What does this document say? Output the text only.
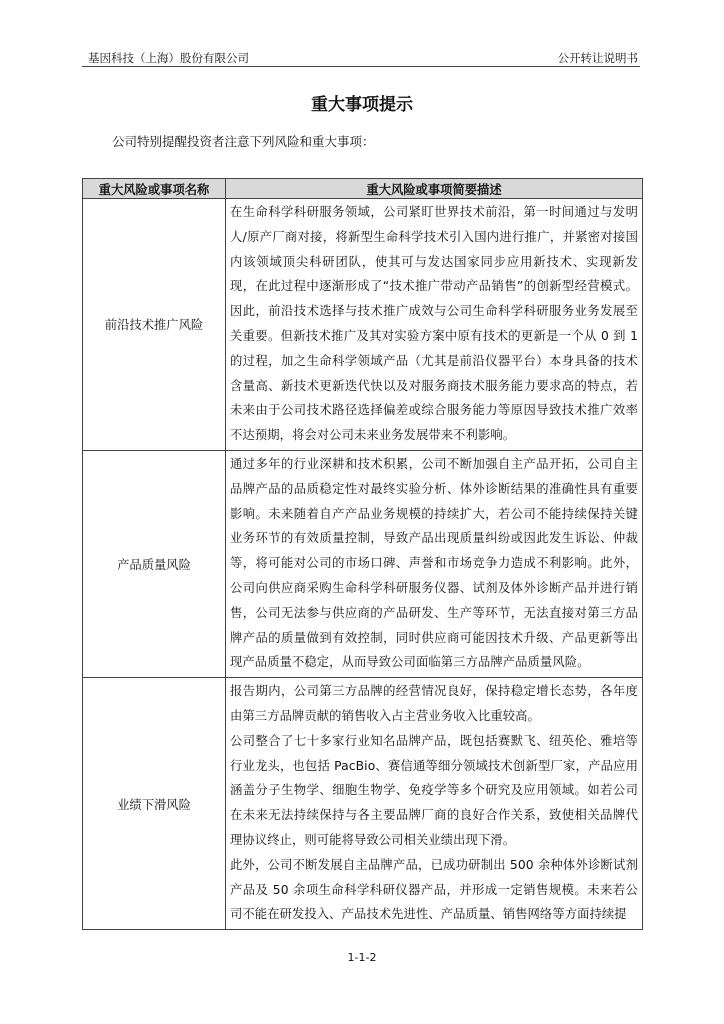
基因科技（上海）股份有限公司	公开转让说明书
重大事项提示
公司特别提醒投资者注意下列风险和重大事项：
重大风险或事项名称	重大风险或事项简要描述
前沿技术推广风险	在生命科学科研服务领域，公司紧盯世界技术前沿，第一时间通过与发明人/原产厂商对接，将新型生命科学技术引入国内进行推广，并紧密对接国内该领域顶尖科研团队，使其可与发达国家同步应用新技术、实现新发现，在此过程中逐渐形成了“技术推广带动产品销售”的创新型经营模式。因此，前沿技术选择与技术推广成效与公司生命科学科研服务业务发展至关重要。但新技术推广及其对实验方案中原有技术的更新是一个从 0 到 1 的过程，加之生命科学领域产品（尤其是前沿仪器平台）本身具备的技术含量高、新技术更新迭代快以及对服务商技术服务能力要求高的特点，若未来由于公司技术路径选择偏差或综合服务能力等原因导致技术推广效率不达预期，将会对公司未来业务发展带来不利影响。

产品质量风险	通过多年的行业深耕和技术积累，公司不断加强自主产品开拓，公司自主品牌产品的品质稳定性对最终实验分析、体外诊断结果的准确性具有重要影响。未来随着自产产品业务规模的持续扩大，若公司不能持续保持关键业务环节的有效质量控制，导致产品出现质量纠纷或因此发生诉讼、仲裁等，将可能对公司的市场口碑、声誉和市场竞争力造成不利影响。此外，公司向供应商采购生命科学科研服务仪器、试剂及体外诊断产品并进行销售，公司无法参与供应商的产品研发、生产等环节，无法直接对第三方品牌产品的质量做到有效控制，同时供应商可能因技术升级、产品更新等出现产品质量不稳定，从而导致公司面临第三方品牌产品质量风险。

业绩下滑风险	报告期内，公司第三方品牌的经营情况良好，保持稳定增长态势，各年度由第三方品牌贡献的销售收入占主营业务收入比重较高。

公司整合了七十多家行业知名品牌产品，既包括赛默飞、纽英伦、雅培等行业龙头，也包括 PacBio、赛信通等细分领域技术创新型厂家，产品应用涵盖分子生物学、细胞生物学、免疫学等多个研究及应用领域。如若公司在未来无法持续保持与各主要品牌厂商的良好合作关系，致使相关品牌代理协议终止，则可能将导致公司相关业绩出现下滑。

此外，公司不断发展自主品牌产品，已成功研制出 500 余种体外诊断试剂产品及 50 余项生命科学科研仪器产品，并形成一定销售规模。未来若公司不能在研发投入、产品技术先进性、产品质量、销售网络等方面持续提

1-1-2
